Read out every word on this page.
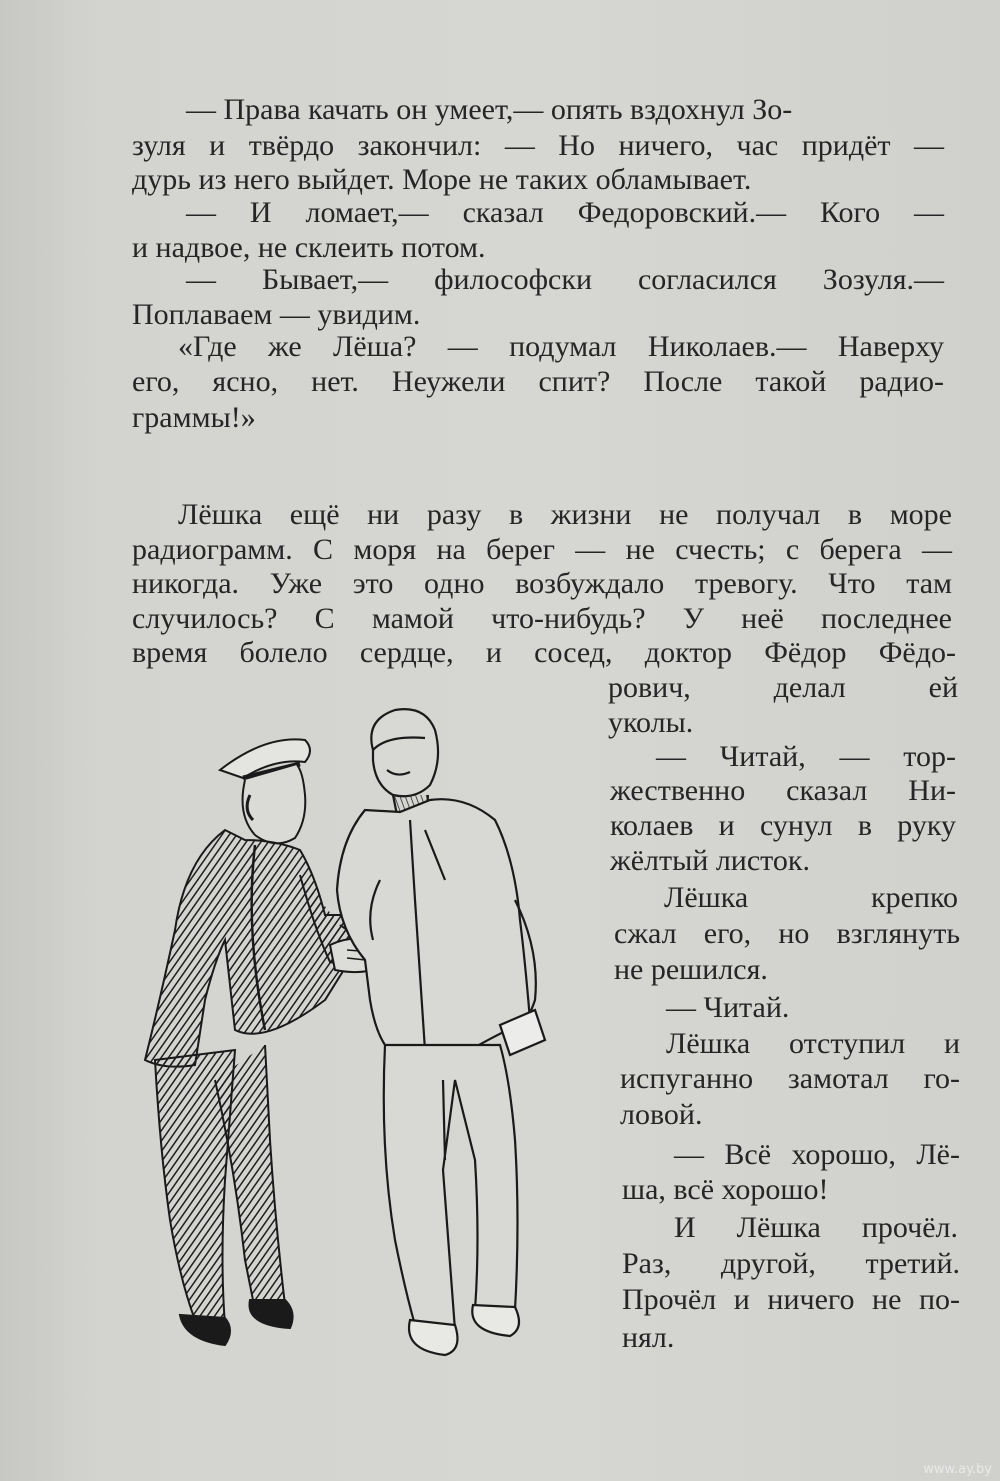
— Права качать он умеет,— опять вздохнул Зо-
зуля и твёрдо закончил: — Но ничего, час придёт —
дурь из него выйдет. Море не таких обламывает.
— И ломает,— сказал Федоровский.— Кого —
и надвое, не склеить потом.
— Бывает,— философски согласился Зозуля.—
Поплаваем — увидим.
«Где же Лёша? — подумал Николаев.— Наверху
его, ясно, нет. Неужели спит? После такой радио-
граммы!»
Лёшка ещё ни разу в жизни не получал в море
радиограмм. С моря на берег — не счесть; с берега —
никогда. Уже это одно возбуждало тревогу. Что там
случилось? С мамой что-нибудь? У неё последнее
время болело сердце, и сосед, доктор Фёдор Фёдо-
рович, делал ей
уколы.
— Читай, — тор-
жественно сказал Ни-
колаев и сунул в руку
жёлтый листок.
Лёшка крепко
сжал его, но взглянуть
не решился.
— Читай.
Лёшка отступил и
испуганно замотал го-
ловой.
— Всё хорошо, Лё-
ша, всё хорошо!
И Лёшка прочёл.
Раз, другой, третий.
Прочёл и ничего не по-
нял.
www.ay.by
